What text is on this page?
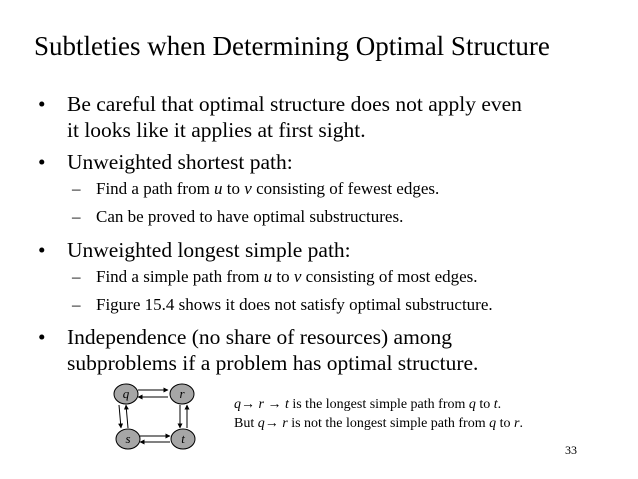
Subtleties when Determining Optimal Structure
• Be careful that optimal structure does not apply even
it looks like it applies at first sight.
• Unweighted shortest path:
– Find a path from u to v consisting of fewest edges.
– Can be proved to have optimal substructures.
• Unweighted longest simple path:
– Find a simple path from u to v consisting of most edges.
– Figure 15.4 shows it does not satisfy optimal substructure.
• Independence (no share of resources) among
subproblems if a problem has optimal structure.
q	r
s	t
q→ r → t is the longest simple path from q to t.
But q→ r is not the longest simple path from q to r.
33
